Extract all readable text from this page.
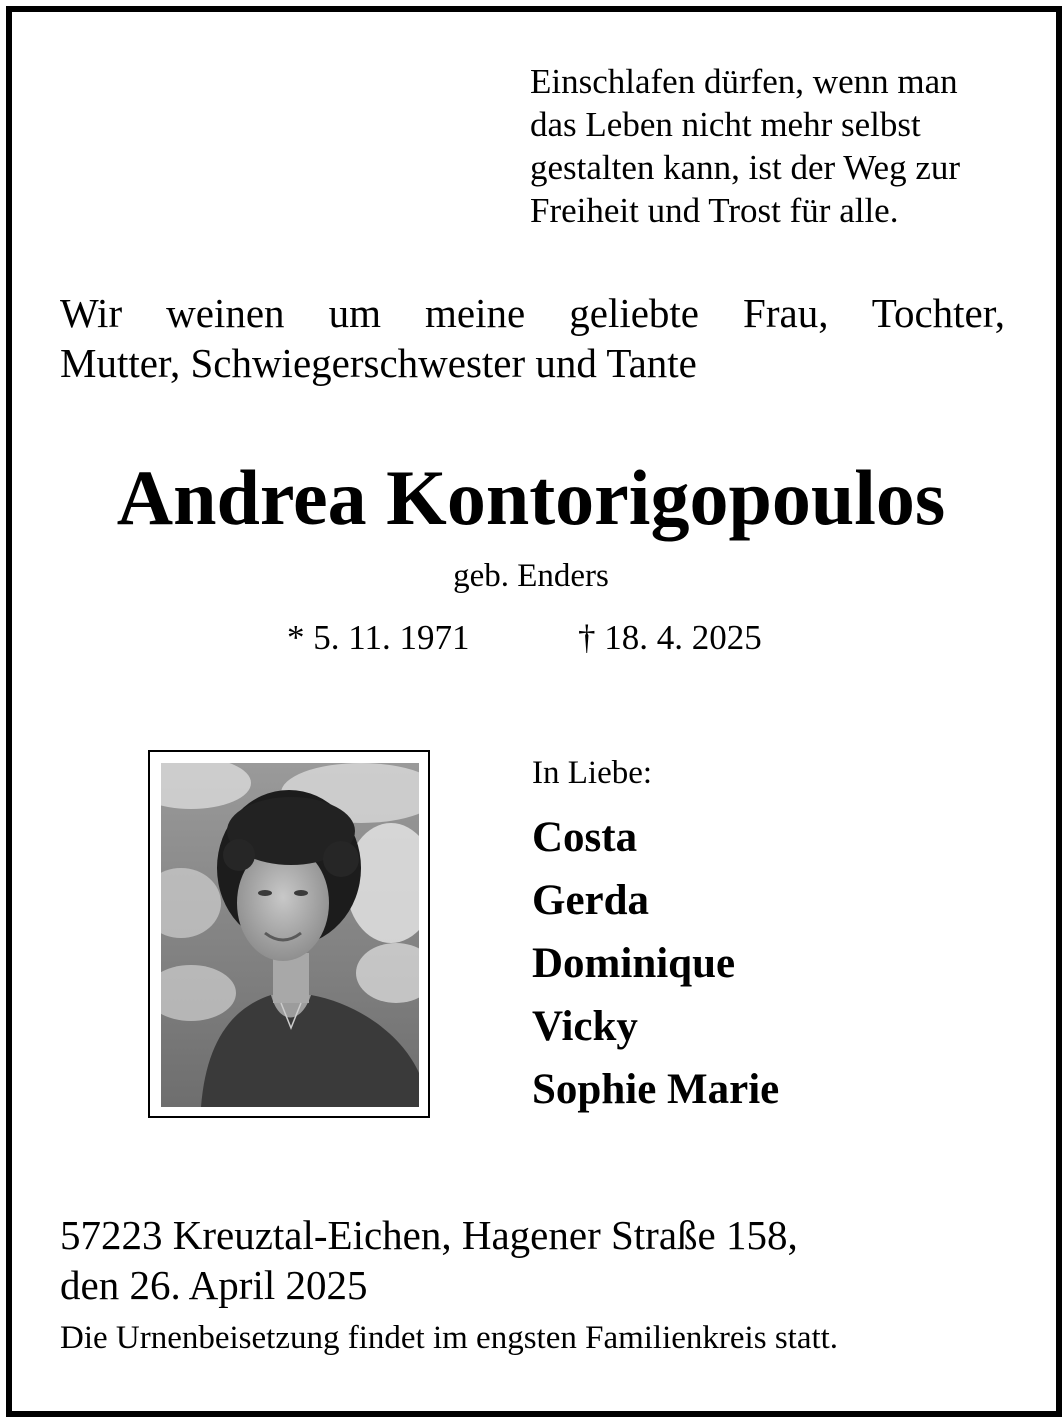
Einschlafen dürfen, wenn man
das Leben nicht mehr selbst
gestalten kann, ist der Weg zur
Freiheit und Trost für alle.
Wir weinen um meine geliebte Frau, Tochter,
Mutter, Schwiegerschwester und Tante
Andrea Kontorigopoulos
geb. Enders
* 5. 11. 1971	† 18. 4. 2025
In Liebe:
Costa
Gerda
Dominique
Vicky
Sophie Marie
57223 Kreuztal-Eichen, Hagener Straße 158,
den 26. April 2025
Die Urnenbeisetzung findet im engsten Familienkreis statt.
